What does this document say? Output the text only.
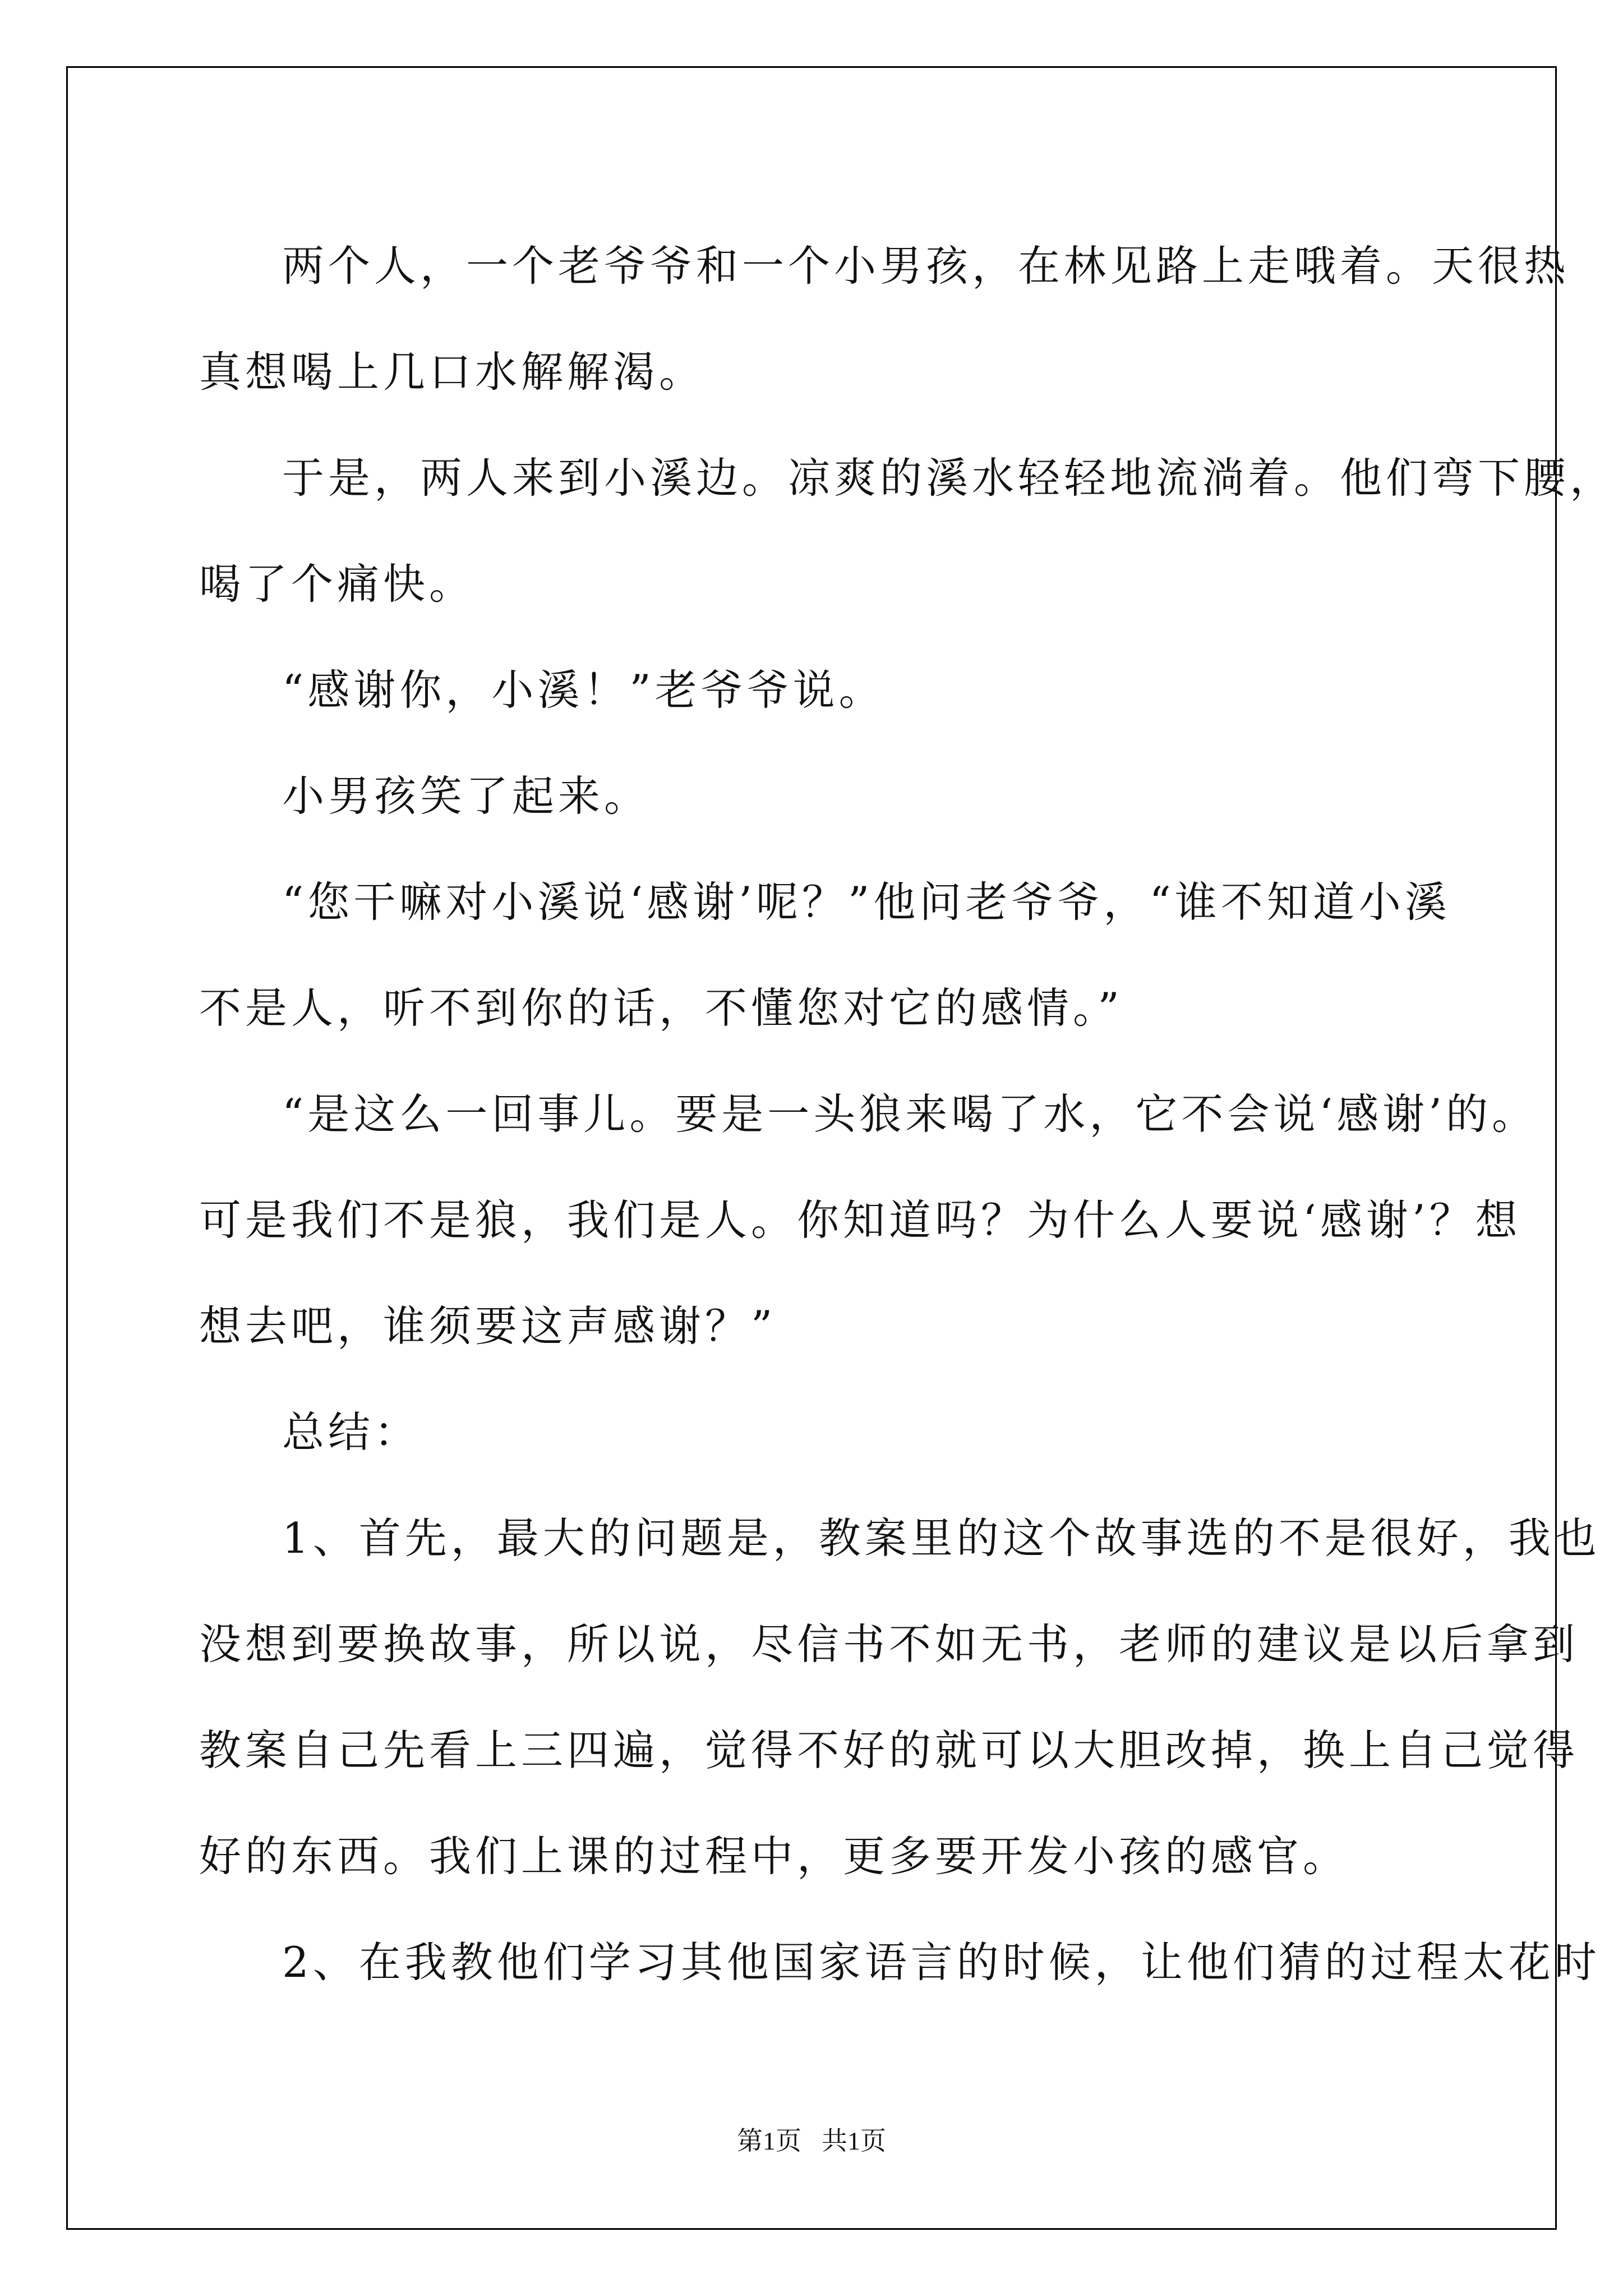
两个人，一个老爷爷和一个小男孩，在林见路上走哦着。天很热
真想喝上几口水解解渴。
于是，两人来到小溪边。凉爽的溪水轻轻地流淌着。他们弯下腰，
喝了个痛快。
“感谢你，小溪！”老爷爷说。
小男孩笑了起来。
“您干嘛对小溪说‘感谢’呢？”他问老爷爷，“谁不知道小溪
不是人，听不到你的话，不懂您对它的感情。”
“是这么一回事儿。要是一头狼来喝了水，它不会说‘感谢’的。
可是我们不是狼，我们是人。你知道吗？为什么人要说‘感谢’？想
想去吧，谁须要这声感谢？”
总结：
1、首先，最大的问题是，教案里的这个故事选的不是很好，我也
没想到要换故事，所以说，尽信书不如无书，老师的建议是以后拿到
教案自己先看上三四遍，觉得不好的就可以大胆改掉，换上自己觉得
好的东西。我们上课的过程中，更多要开发小孩的感官。
2、在我教他们学习其他国家语言的时候，让他们猜的过程太花时
第1页 共1页
